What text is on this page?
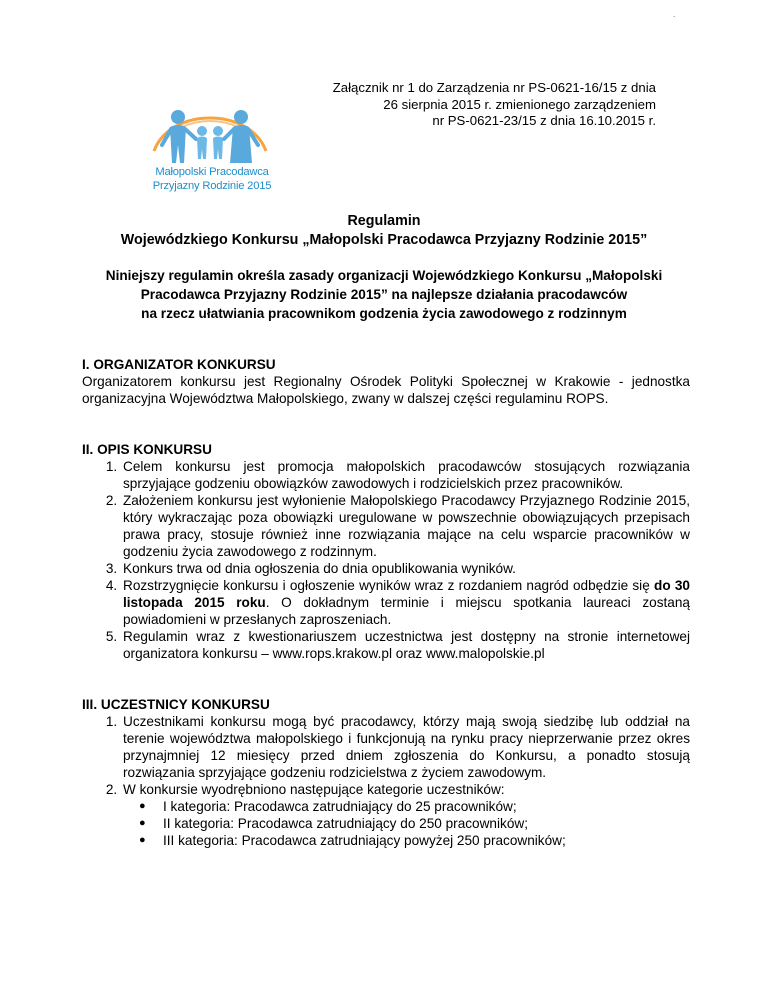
.
Małopolski Pracodawca
Przyjazny Rodzinie 2015
Załącznik nr 1 do Zarządzenia nr PS-0621-16/15 z dnia
26 sierpnia 2015 r. zmienionego zarządzeniem
nr PS-0621-23/15 z dnia 16.10.2015 r.
Regulamin
Wojewódzkiego Konkursu „Małopolski Pracodawca Przyjazny Rodzinie 2015”
Niniejszy regulamin określa zasady organizacji Wojewódzkiego Konkursu „Małopolski
Pracodawca Przyjazny Rodzinie 2015” na najlepsze działania pracodawców
na rzecz ułatwiania pracownikom godzenia życia zawodowego z rodzinnym

I. ORGANIZATOR KONKURSU

Organizatorem konkursu jest Regionalny Ośrodek Polityki Społecznej w Krakowie - jednostka organizacyjna Województwa Małopolskiego, zwany w dalszej części regulaminu ROPS.

II. OPIS KONKURSU

1. Celem konkursu jest promocja małopolskich pracodawców stosujących rozwiązania sprzyjające godzeniu obowiązków zawodowych i rodzicielskich przez pracowników.
2. Założeniem konkursu jest wyłonienie Małopolskiego Pracodawcy Przyjaznego Rodzinie 2015, który wykraczając poza obowiązki uregulowane w powszechnie obowiązujących przepisach prawa pracy, stosuje również inne rozwiązania mające na celu wsparcie pracowników w godzeniu życia zawodowego z rodzinnym.
3. Konkurs trwa od dnia ogłoszenia do dnia opublikowania wyników.
4. Rozstrzygnięcie konkursu i ogłoszenie wyników wraz z rozdaniem nagród odbędzie się do 30 listopada 2015 roku. O dokładnym terminie i miejscu spotkania laureaci zostaną powiadomieni w przesłanych zaproszeniach.
5. Regulamin wraz z kwestionariuszem uczestnictwa jest dostępny na stronie internetowej organizatora konkursu – www.rops.krakow.pl oraz www.malopolskie.pl

III. UCZESTNICY KONKURSU

1. Uczestnikami konkursu mogą być pracodawcy, którzy mają swoją siedzibę lub oddział na terenie województwa małopolskiego i funkcjonują na rynku pracy nieprzerwanie przez okres przynajmniej 12 miesięcy przed dniem zgłoszenia do Konkursu, a ponadto stosują rozwiązania sprzyjające godzeniu rodzicielstwa z życiem zawodowym.
2. W konkursie wyodrębniono następujące kategorie uczestników:
● I kategoria: Pracodawca zatrudniający do 25 pracowników;
● II kategoria: Pracodawca zatrudniający do 250 pracowników;
● III kategoria: Pracodawca zatrudniający powyżej 250 pracowników;
